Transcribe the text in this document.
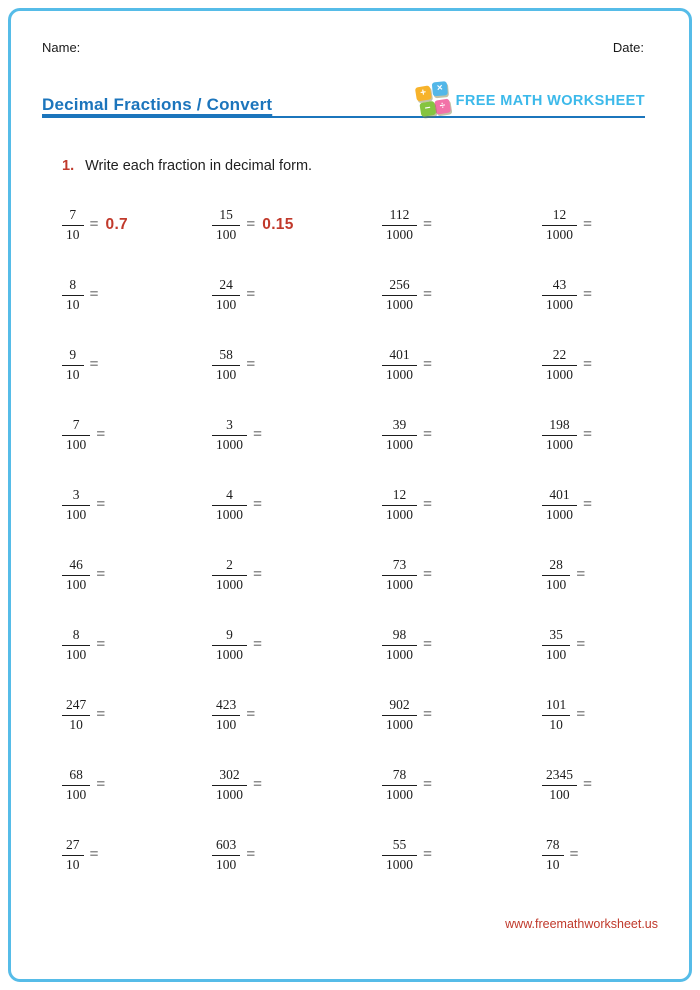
Name:	Date:
Decimal Fractions / Convert
+ ×
− ÷ FREE MATH WORKSHEET
1. Write each fraction in decimal form.
$\frac{7}{10} = 0.7$	$\frac{15}{100} = 0.15$	$\frac{112}{1000}$ =	$\frac{12}{1000}$ =
$\frac{8}{10}$ =	$\frac{24}{100}$ =	$\frac{256}{1000}$ =	$\frac{43}{1000}$ =
$\frac{9}{10}$ =	$\frac{58}{100}$ =	$\frac{401}{1000}$ =	$\frac{22}{1000}$ =
$\frac{7}{100}$ =	$\frac{3}{1000}$ =	$\frac{39}{1000}$ =	$\frac{198}{1000}$ =
$\frac{3}{100}$ =	$\frac{4}{1000}$ =	$\frac{12}{1000}$ =	$\frac{401}{1000}$ =
$\frac{46}{100}$ =	$\frac{2}{1000}$ =	$\frac{73}{1000}$ =	$\frac{28}{100}$ =
$\frac{8}{100}$ =	$\frac{9}{1000}$ =	$\frac{98}{1000}$ =	$\frac{35}{100}$ =
$\frac{247}{10}$ =	$\frac{423}{100}$ =	$\frac{902}{1000}$ =	$\frac{101}{10}$ =
$\frac{68}{100}$ =	$\frac{302}{1000}$ =	$\frac{78}{1000}$ =	$\frac{2345}{100}$ =
$\frac{27}{10}$ =	$\frac{603}{100}$ =	$\frac{55}{1000}$ =	$\frac{78}{10}$ =
www.freemathworksheet.us
